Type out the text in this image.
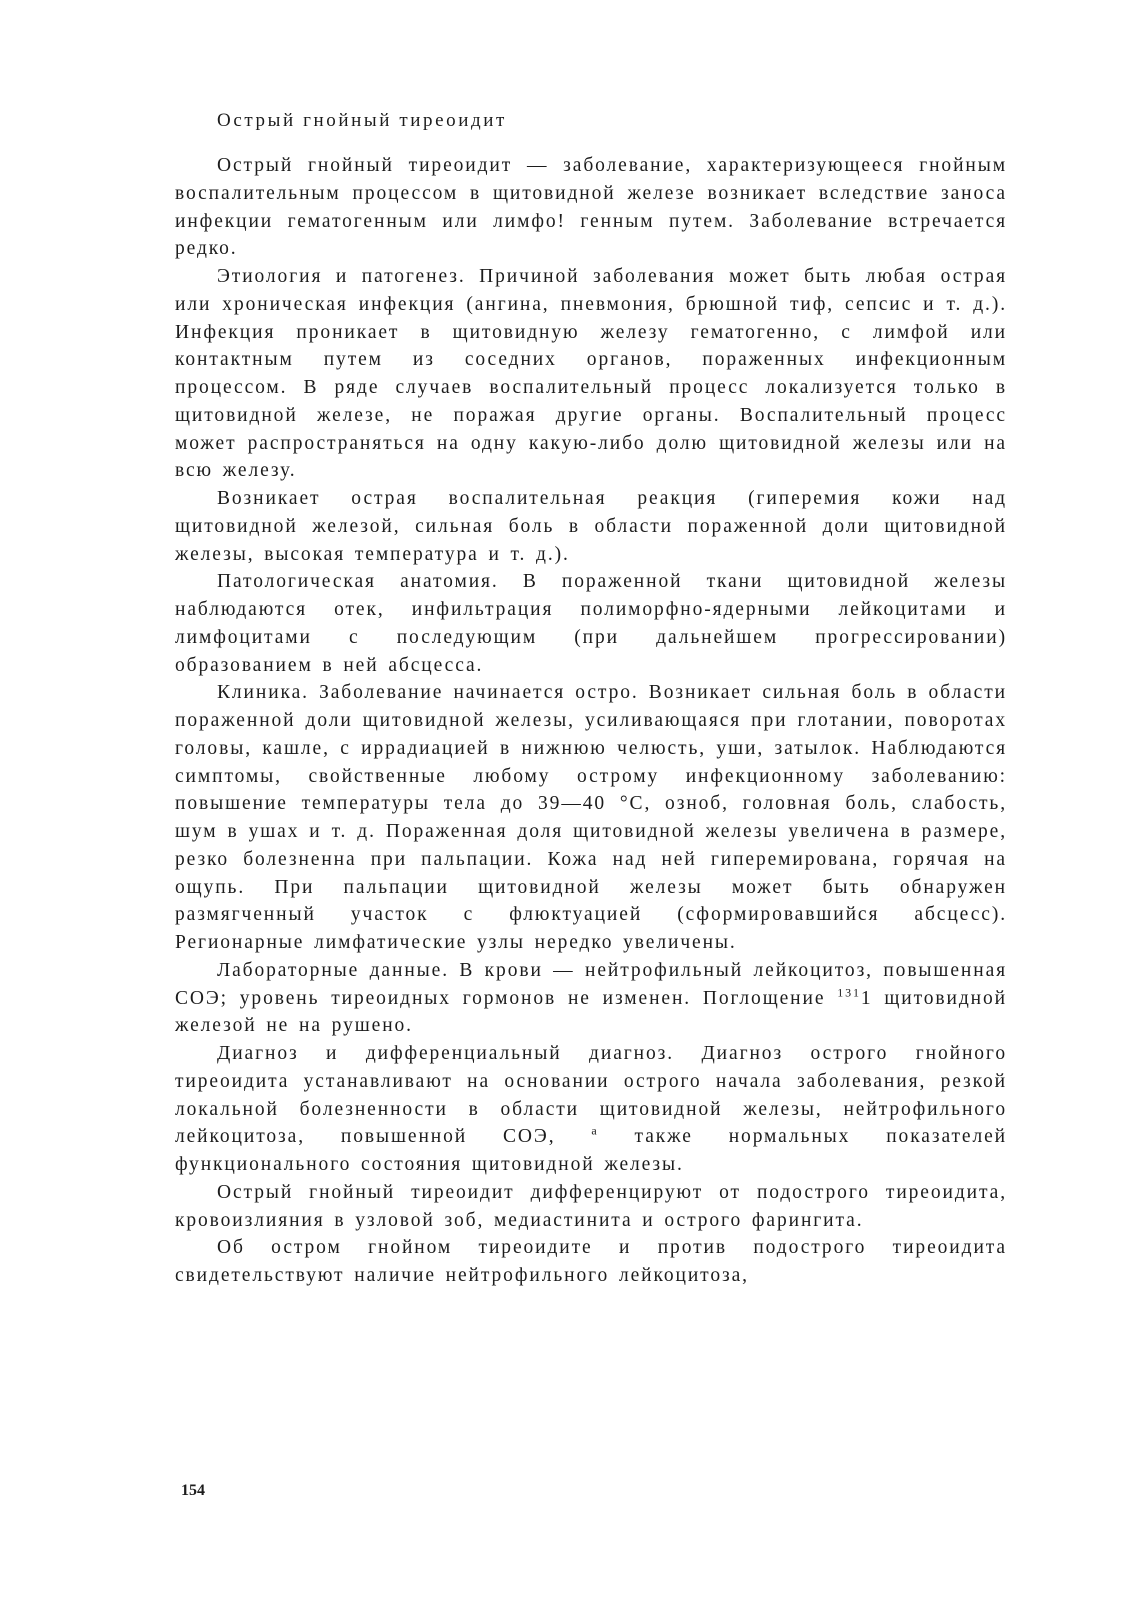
Острый гнойный тиреоидит

Острый гнойный тиреоидит — заболевание, характеризующееся гнойным воспалительным процессом в щитовидной железе возникает вследствие заноса инфекции гематогенным или лимфо! генным путем. Заболевание встречается редко.

Этиология и патогенез. Причиной заболевания может быть любая острая или хроническая инфекция (ангина, пневмония, брюшной тиф, сепсис и т. д.). Инфекция проникает в щитовидную железу гематогенно, с лимфой или контактным путем из соседних органов, пораженных инфекционным процессом. В ряде случаев воспалительный процесс локализуется только в щитовидной железе, не поражая другие органы. Воспалительный процесс может распространяться на одну какую-либо долю щитовидной железы или на всю железу.

Возникает острая воспалительная реакция (гиперемия кожи над щитовидной железой, сильная боль в области пораженной доли щитовидной железы, высокая температура и т. д.).

Патологическая анатомия. В пораженной ткани щитовидной железы наблюдаются отек, инфильтрация полиморфно-ядерными лейкоцитами и лимфоцитами с последующим (при дальнейшем прогрессировании) образованием в ней абсцесса.

Клиника. Заболевание начинается остро. Возникает сильная боль в области пораженной доли щитовидной железы, усиливающаяся при глотании, поворотах головы, кашле, с иррадиацией в нижнюю челюсть, уши, затылок. Наблюдаются симптомы, свойственные любому острому инфекционному заболеванию: повышение температуры тела до 39—40 °С, озноб, головная боль, слабость, шум в ушах и т. д. Пораженная доля щитовидной железы увеличена в размере, резко болезненна при пальпации. Кожа над ней гиперемирована, горячая на ощупь. При пальпации щитовидной железы может быть обнаружен размягченный участок с флюктуацией (сформировавшийся абсцесс). Регионарные лимфатические узлы нередко увеличены.

Лабораторные данные. В крови — нейтрофильный лейкоцитоз, повышенная СОЭ; уровень тиреоидных гормонов не изменен. Поглощение $^{131}$1 щитовидной железой не на рушено.

Диагноз и дифференциальный диагноз. Диагноз острого гнойного тиреоидита устанавливают на основании острого начала заболевания, резкой локальной болезненности в области щитовидной железы, нейтрофильного лейкоцитоза, повышенной СОЭ,	$^а$ также нормальных показателей функционального состояния щитовидной железы.

Острый гнойный тиреоидит дифференцируют от подострого тиреоидита, кровоизлияния в узловой зоб, медиастинита и острого фарингита.

Об остром гнойном тиреоидите и против подострого тиреоидита свидетельствуют наличие нейтрофильного лейкоцитоза,

154
